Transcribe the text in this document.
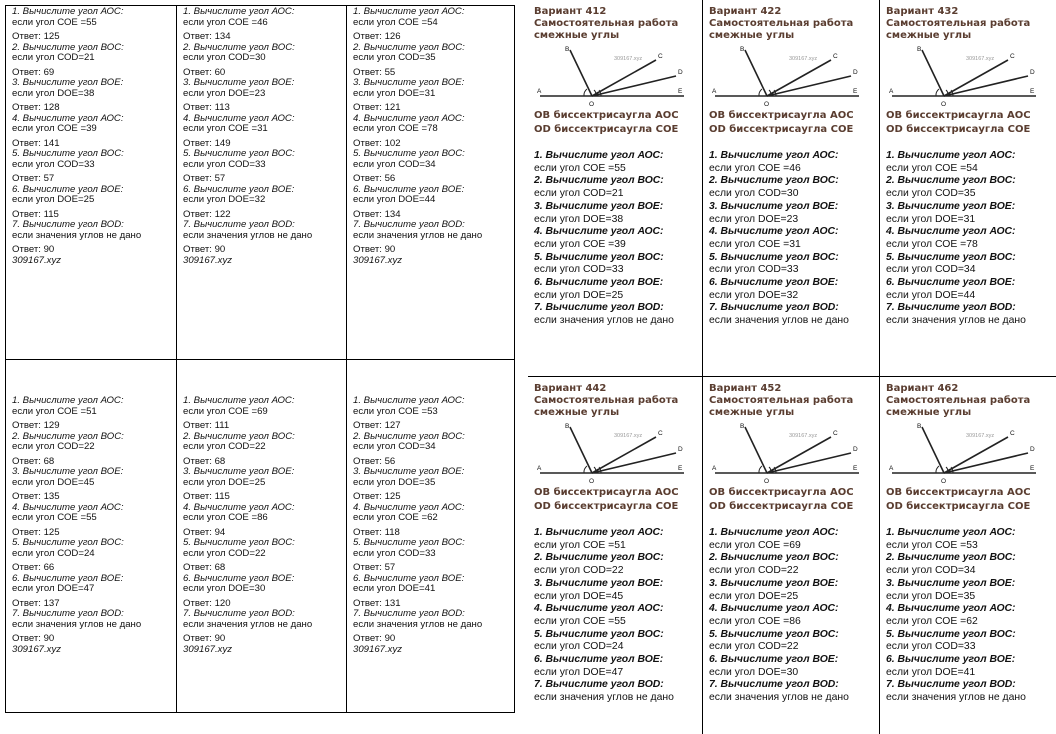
1. Вычислите угол АОС:
если угол СОЕ =55
Ответ: 125
2. Вычислите угол ВОС:
если угол СОD=21
Ответ: 69
3. Вычислите угол ВОЕ:
если угол DОЕ=38
Ответ: 128
4. Вычислите угол АОС:
если угол СОЕ =39
Ответ: 141
5. Вычислите угол ВОС:
если угол СОD=33
Ответ: 57
6. Вычислите угол ВОЕ:
если угол DОЕ=25
Ответ: 115
7. Вычислите угол ВОD:
если значения углов не дано
Ответ: 90
309167.xyz
1. Вычислите угол АОС:
если угол СОЕ =46
Ответ: 134
2. Вычислите угол ВОС:
если угол СОD=30
Ответ: 60
3. Вычислите угол ВОЕ:
если угол DОЕ=23
Ответ: 113
4. Вычислите угол АОС:
если угол СОЕ =31
Ответ: 149
5. Вычислите угол ВОС:
если угол СОD=33
Ответ: 57
6. Вычислите угол ВОЕ:
если угол DОЕ=32
Ответ: 122
7. Вычислите угол ВОD:
если значения углов не дано
Ответ: 90
309167.xyz
1. Вычислите угол АОС:
если угол СОЕ =54
Ответ: 126
2. Вычислите угол ВОС:
если угол СОD=35
Ответ: 55
3. Вычислите угол ВОЕ:
если угол DОЕ=31
Ответ: 121
4. Вычислите угол АОС:
если угол СОЕ =78
Ответ: 102
5. Вычислите угол ВОС:
если угол СОD=34
Ответ: 56
6. Вычислите угол ВОЕ:
если угол DОЕ=44
Ответ: 134
7. Вычислите угол ВОD:
если значения углов не дано
Ответ: 90
309167.xyz
1. Вычислите угол АОС:
если угол СОЕ =51
Ответ: 129
2. Вычислите угол ВОС:
если угол СОD=22
Ответ: 68
3. Вычислите угол ВОЕ:
если угол DОЕ=45
Ответ: 135
4. Вычислите угол АОС:
если угол СОЕ =55
Ответ: 125
5. Вычислите угол ВОС:
если угол СОD=24
Ответ: 66
6. Вычислите угол ВОЕ:
если угол DОЕ=47
Ответ: 137
7. Вычислите угол ВОD:
если значения углов не дано
Ответ: 90
309167.xyz
1. Вычислите угол АОС:
если угол СОЕ =69
Ответ: 111
2. Вычислите угол ВОС:
если угол СОD=22
Ответ: 68
3. Вычислите угол ВОЕ:
если угол DОЕ=25
Ответ: 115
4. Вычислите угол АОС:
если угол СОЕ =86
Ответ: 94
5. Вычислите угол ВОС:
если угол СОD=22
Ответ: 68
6. Вычислите угол ВОЕ:
если угол DОЕ=30
Ответ: 120
7. Вычислите угол ВОD:
если значения углов не дано
Ответ: 90
309167.xyz
1. Вычислите угол АОС:
если угол СОЕ =53
Ответ: 127
2. Вычислите угол ВОС:
если угол СОD=34
Ответ: 56
3. Вычислите угол ВОЕ:
если угол DОЕ=35
Ответ: 125
4. Вычислите угол АОС:
если угол СОЕ =62
Ответ: 118
5. Вычислите угол ВОС:
если угол СОD=33
Ответ: 57
6. Вычислите угол ВОЕ:
если угол DОЕ=41
Ответ: 131
7. Вычислите угол ВОD:
если значения углов не дано
Ответ: 90
309167.xyz
Вариант 412
Самостоятельная работа
смежные углы
A
B
C
D
E
O
309167.xyz
ОВ биссектрисаугла АОС
ОD биссектрисаугла СОЕ
1. Вычислите угол АОС:
если угол СОЕ =55
2. Вычислите угол ВОС:
если угол СОD=21
3. Вычислите угол ВОЕ:
если угол DОЕ=38
4. Вычислите угол АОС:
если угол СОЕ =39
5. Вычислите угол ВОС:
если угол СОD=33
6. Вычислите угол ВОЕ:
если угол DОЕ=25
7. Вычислите угол ВОD:
если значения углов не дано
Вариант 422
Самостоятельная работа
смежные углы
A
B
C
D
E
O
309167.xyz
ОВ биссектрисаугла АОС
ОD биссектрисаугла СОЕ
1. Вычислите угол АОС:
если угол СОЕ =46
2. Вычислите угол ВОС:
если угол СОD=30
3. Вычислите угол ВОЕ:
если угол DОЕ=23
4. Вычислите угол АОС:
если угол СОЕ =31
5. Вычислите угол ВОС:
если угол СОD=33
6. Вычислите угол ВОЕ:
если угол DОЕ=32
7. Вычислите угол ВОD:
если значения углов не дано
Вариант 432
Самостоятельная работа
смежные углы
A
B
C
D
E
O
309167.xyz
ОВ биссектрисаугла АОС
ОD биссектрисаугла СОЕ
1. Вычислите угол АОС:
если угол СОЕ =54
2. Вычислите угол ВОС:
если угол СОD=35
3. Вычислите угол ВОЕ:
если угол DОЕ=31
4. Вычислите угол АОС:
если угол СОЕ =78
5. Вычислите угол ВОС:
если угол СОD=34
6. Вычислите угол ВОЕ:
если угол DОЕ=44
7. Вычислите угол ВОD:
если значения углов не дано
Вариант 442
Самостоятельная работа
смежные углы
A
B
C
D
E
O
309167.xyz
ОВ биссектрисаугла АОС
ОD биссектрисаугла СОЕ
1. Вычислите угол АОС:
если угол СОЕ =51
2. Вычислите угол ВОС:
если угол СОD=22
3. Вычислите угол ВОЕ:
если угол DОЕ=45
4. Вычислите угол АОС:
если угол СОЕ =55
5. Вычислите угол ВОС:
если угол СОD=24
6. Вычислите угол ВОЕ:
если угол DОЕ=47
7. Вычислите угол ВОD:
если значения углов не дано
Вариант 452
Самостоятельная работа
смежные углы
A
B
C
D
E
O
309167.xyz
ОВ биссектрисаугла АОС
ОD биссектрисаугла СОЕ
1. Вычислите угол АОС:
если угол СОЕ =69
2. Вычислите угол ВОС:
если угол СОD=22
3. Вычислите угол ВОЕ:
если угол DОЕ=25
4. Вычислите угол АОС:
если угол СОЕ =86
5. Вычислите угол ВОС:
если угол СОD=22
6. Вычислите угол ВОЕ:
если угол DОЕ=30
7. Вычислите угол ВОD:
если значения углов не дано
Вариант 462
Самостоятельная работа
смежные углы
A
B
C
D
E
O
309167.xyz
ОВ биссектрисаугла АОС
ОD биссектрисаугла СОЕ
1. Вычислите угол АОС:
если угол СОЕ =53
2. Вычислите угол ВОС:
если угол СОD=34
3. Вычислите угол ВОЕ:
если угол DОЕ=35
4. Вычислите угол АОС:
если угол СОЕ =62
5. Вычислите угол ВОС:
если угол СОD=33
6. Вычислите угол ВОЕ:
если угол DОЕ=41
7. Вычислите угол ВОD:
если значения углов не дано
